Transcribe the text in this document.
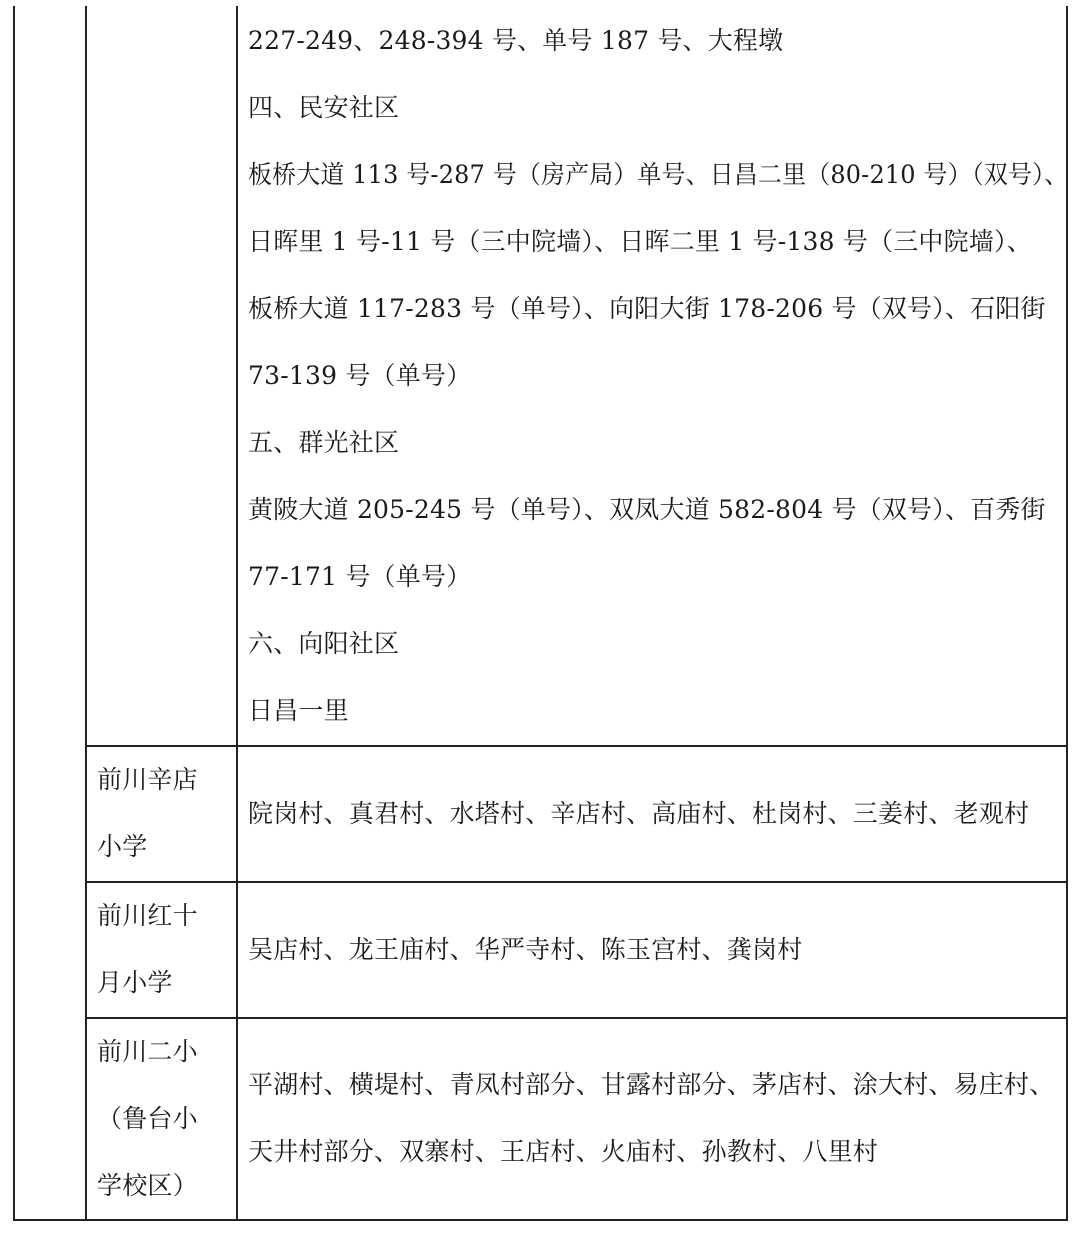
227-249、248-394 号、单号 187 号、大程墩
四、民安社区
板桥大道 113 号-287 号（房产局）单号、日昌二里（80-210 号）（双号）、
日晖里 1 号-11 号（三中院墙）、日晖二里 1 号-138 号（三中院墙）、
板桥大道 117-283 号（单号）、向阳大街 178-206 号（双号）、石阳街
73-139 号（单号）
五、群光社区
黄陂大道 205-245 号（单号）、双凤大道 582-804 号（双号）、百秀街
77-171 号（单号）
六、向阳社区
日昌一里
前川辛店
小学
院岗村、真君村、水塔村、辛店村、高庙村、杜岗村、三姜村、老观村
前川红十
月小学
吴店村、龙王庙村、华严寺村、陈玉宫村、龚岗村
前川二小
（鲁台小
学校区）
平湖村、横堤村、青凤村部分、甘露村部分、茅店村、涂大村、易庄村、
天井村部分、双寨村、王店村、火庙村、孙教村、八里村
